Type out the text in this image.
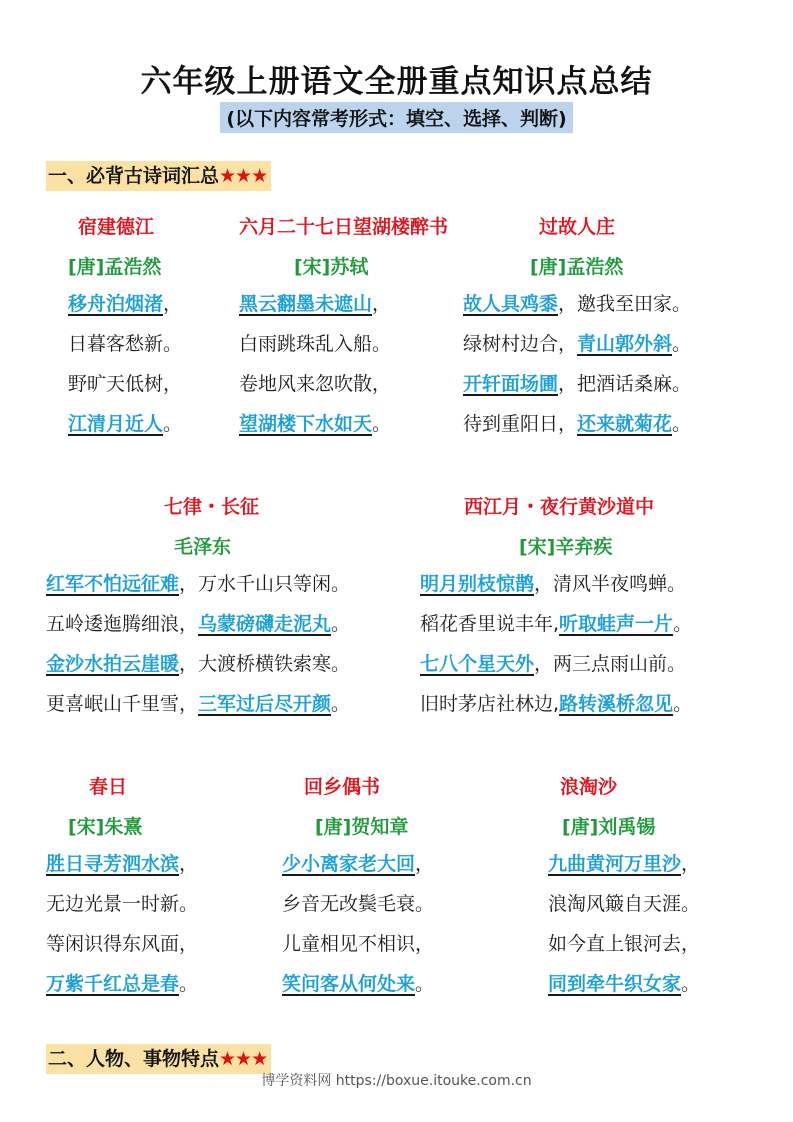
六年级上册语文全册重点知识点总结
(以下内容常考形式：填空、选择、判断)
一、必背古诗词汇总★★★
宿建德江
[唐]孟浩然
移舟泊烟渚，
日暮客愁新。
野旷天低树，
江清月近人。
六月二十七日望湖楼醉书
[宋]苏轼
黑云翻墨未遮山，
白雨跳珠乱入船。
卷地风来忽吹散，
望湖楼下水如天。
过故人庄
[唐]孟浩然
故人具鸡黍，邀我至田家。
绿树村边合，青山郭外斜。
开轩面场圃，把酒话桑麻。
待到重阳日，还来就菊花。
七律・长征
毛泽东
红军不怕远征难，万水千山只等闲。
五岭逶迤腾细浪，乌蒙磅礴走泥丸。
金沙水拍云崖暖，大渡桥横铁索寒。
更喜岷山千里雪，三军过后尽开颜。
西江月・夜行黄沙道中
[宋]辛弃疾
明月别枝惊鹊，清风半夜鸣蝉。
稻花香里说丰年,听取蛙声一片。
七八个星天外，两三点雨山前。
旧时茅店社林边,路转溪桥忽见。
春日
[宋]朱熹
胜日寻芳泗水滨，
无边光景一时新。
等闲识得东风面，
万紫千红总是春。
回乡偶书
[唐]贺知章
少小离家老大回，
乡音无改鬓毛衰。
儿童相见不相识，
笑问客从何处来。
浪淘沙
[唐]刘禹锡
九曲黄河万里沙，
浪淘风簸自天涯。
如今直上银河去，
同到牵牛织女家。
二、人物、事物特点★★★
博学资料网 https://boxue.itouke.com.cn
